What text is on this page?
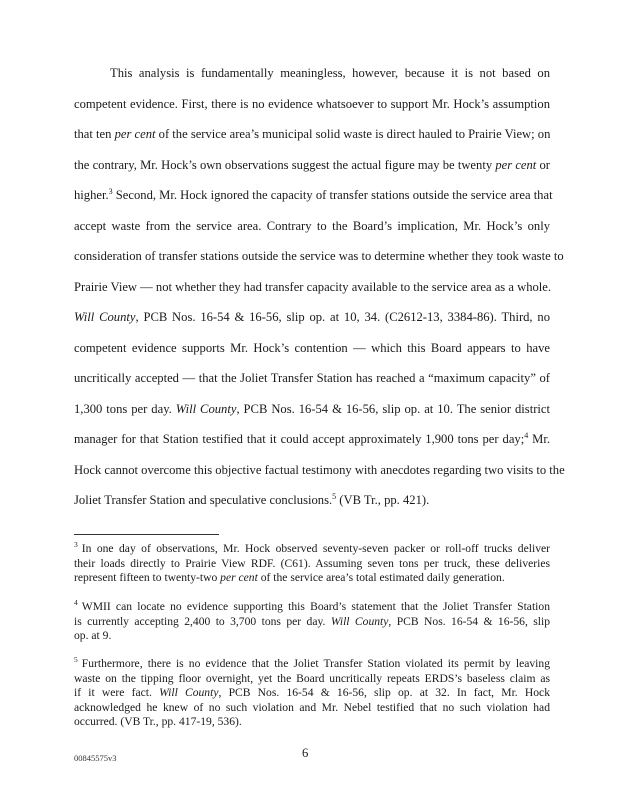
This analysis is fundamentally meaningless, however, because it is not based on
competent evidence. First, there is no evidence whatsoever to support Mr. Hock’s assumption
that ten per cent of the service area’s municipal solid waste is direct hauled to Prairie View; on
the contrary, Mr. Hock’s own observations suggest the actual figure may be twenty per cent or
higher.$^3$ Second, Mr. Hock ignored the capacity of transfer stations outside the service area that
accept waste from the service area. Contrary to the Board’s implication, Mr. Hock’s only
consideration of transfer stations outside the service was to determine whether they took waste to
Prairie View — not whether they had transfer capacity available to the service area as a whole.
Will County, PCB Nos. 16-54 & 16-56, slip op. at 10, 34. (C2612-13, 3384-86). Third, no
competent evidence supports Mr. Hock’s contention — which this Board appears to have
uncritically accepted — that the Joliet Transfer Station has reached a “maximum capacity” of
1,300 tons per day. Will County, PCB Nos. 16-54 & 16-56, slip op. at 10. The senior district
manager for that Station testified that it could accept approximately 1,900 tons per day;$^4$ Mr.
Hock cannot overcome this objective factual testimony with anecdotes regarding two visits to the
Joliet Transfer Station and speculative conclusions.$^5$ (VB Tr., pp. 421).
$^3$ In one day of observations, Mr. Hock observed seventy-seven packer or roll-off trucks deliver
their loads directly to Prairie View RDF. (C61). Assuming seven tons per truck, these deliveries
represent fifteen to twenty-two per cent of the service area’s total estimated daily generation.
$^4$ WMII can locate no evidence supporting this Board’s statement that the Joliet Transfer Station
is currently accepting 2,400 to 3,700 tons per day. Will County, PCB Nos. 16-54 & 16-56, slip
op. at 9.
$^5$ Furthermore, there is no evidence that the Joliet Transfer Station violated its permit by leaving
waste on the tipping floor overnight, yet the Board uncritically repeats ERDS’s baseless claim as
if it were fact. Will County, PCB Nos. 16-54 & 16-56, slip op. at 32. In fact, Mr. Hock
acknowledged he knew of no such violation and Mr. Nebel testified that no such violation had
occurred. (VB Tr., pp. 417-19, 536).
00845575v3	6
